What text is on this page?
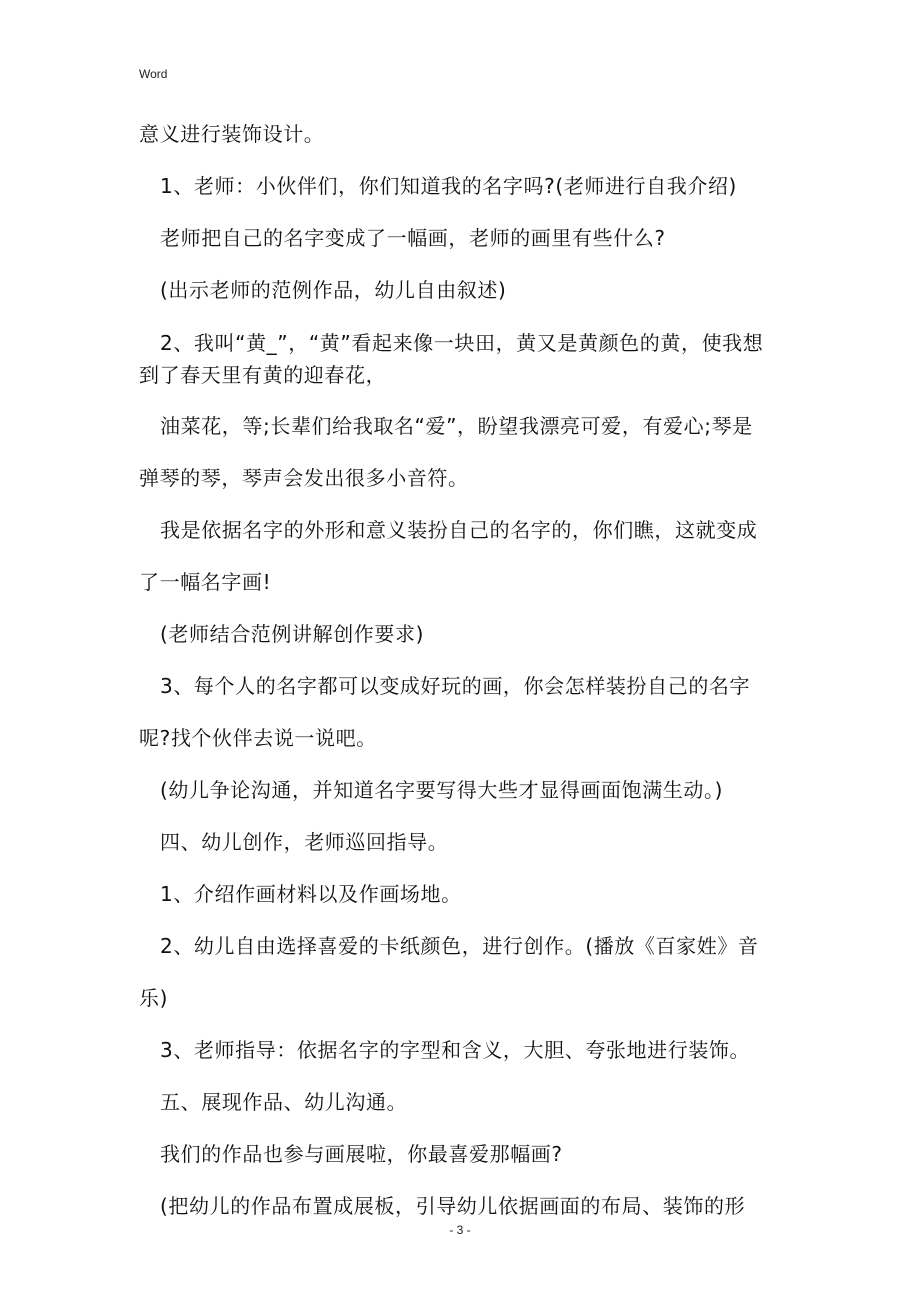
Word
意义进行装饰设计。
1、老师：小伙伴们，你们知道我的名字吗?(老师进行自我介绍)
老师把自己的名字变成了一幅画，老师的画里有些什么?
(出示老师的范例作品，幼儿自由叙述)
2、我叫“黄_”，“黄”看起来像一块田，黄又是黄颜色的黄，使我想
到了春天里有黄的迎春花，
油菜花，等;长辈们给我取名“爱”，盼望我漂亮可爱，有爱心;琴是
弹琴的琴，琴声会发出很多小音符。
我是依据名字的外形和意义装扮自己的名字的，你们瞧，这就变成
了一幅名字画!
(老师结合范例讲解创作要求)
3、每个人的名字都可以变成好玩的画，你会怎样装扮自己的名字
呢?找个伙伴去说一说吧。
(幼儿争论沟通，并知道名字要写得大些才显得画面饱满生动。)
四、幼儿创作，老师巡回指导。
1、介绍作画材料以及作画场地。
2、幼儿自由选择喜爱的卡纸颜色，进行创作。(播放《百家姓》音
乐)
3、老师指导：依据名字的字型和含义，大胆、夸张地进行装饰。
五、展现作品、幼儿沟通。
我们的作品也参与画展啦，你最喜爱那幅画?
(把幼儿的作品布置成展板，引导幼儿依据画面的布局、装饰的形
- 3 -
